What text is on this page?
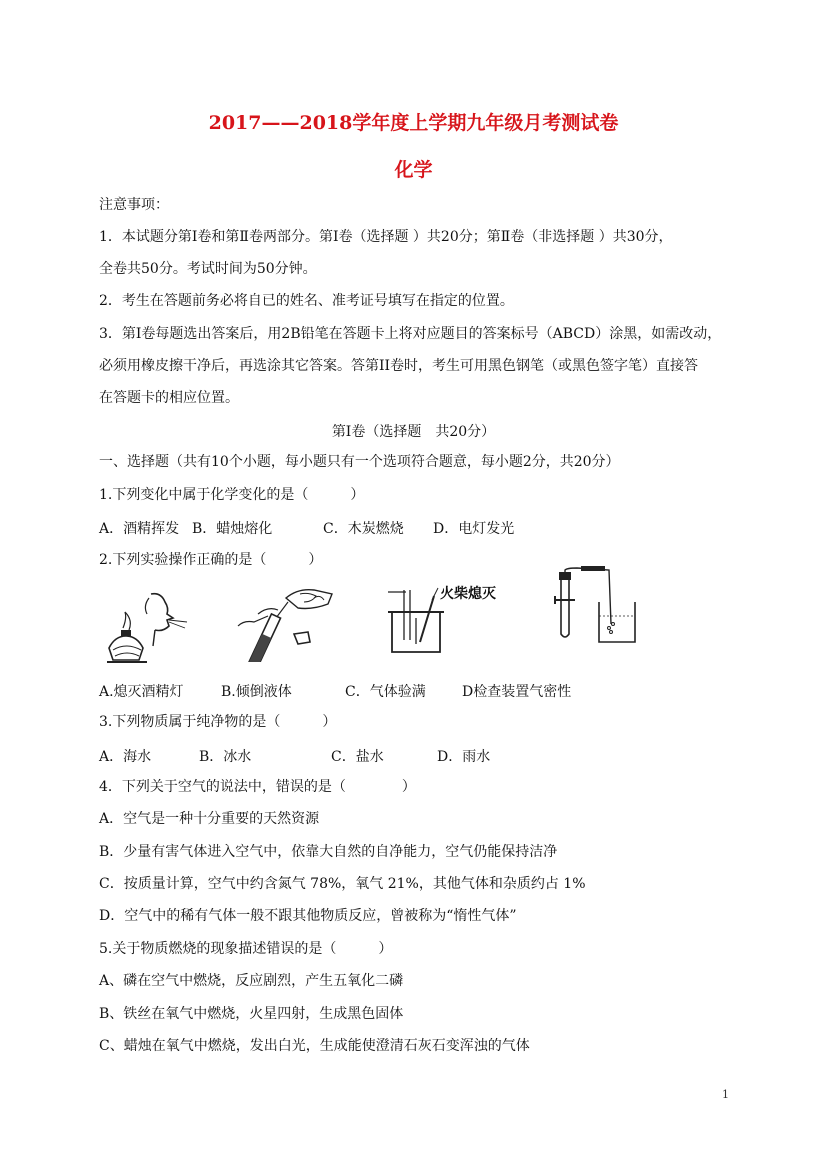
2017——2018学年度上学期九年级月考测试卷
化学
注意事项：
1．本试题分第Ⅰ卷和第Ⅱ卷两部分。第Ⅰ卷（选择题 ）共20分；第Ⅱ卷（非选择题 ）共30分，
全卷共50分。考试时间为50分钟。
2．考生在答题前务必将自已的姓名、准考证号填写在指定的位置。
3．第Ⅰ卷每题选出答案后，用2B铅笔在答题卡上将对应题目的答案标号（ABCD）涂黑，如需改动，
必须用橡皮擦干净后，再选涂其它答案。答第II卷时，考生可用黑色钢笔（或黑色签字笔）直接答
在答题卡的相应位置。
第Ⅰ卷（选择题　共20分）
一、选择题（共有10个小题，每小题只有一个选项符合题意，每小题2分，共20分）
1.下列变化中属于化学变化的是（　　　）
A．酒精挥发 B．蜡烛熔化	C．木炭燃烧 D．电灯发光
2.下列实验操作正确的是（　　　）
火柴熄灭
A.熄灭酒精灯	B.倾倒液体	C．气体验满	D检查装置气密性
3.下列物质属于纯净物的是（　　　）
A．海水	B．冰水	C．盐水	D．雨水
4．下列关于空气的说法中，错误的是（　　　　）
A．空气是一种十分重要的天然资源
B．少量有害气体进入空气中，依靠大自然的自净能力，空气仍能保持洁净
C．按质量计算，空气中约含氮气 78%，氧气 21%，其他气体和杂质约占 1%
D．空气中的稀有气体一般不跟其他物质反应，曾被称为“惰性气体”
5.关于物质燃烧的现象描述错误的是（　　　）
A、磷在空气中燃烧，反应剧烈，产生五氧化二磷
B、铁丝在氧气中燃烧，火星四射，生成黑色固体
C、蜡烛在氧气中燃烧，发出白光，生成能使澄清石灰石变浑浊的气体
1
